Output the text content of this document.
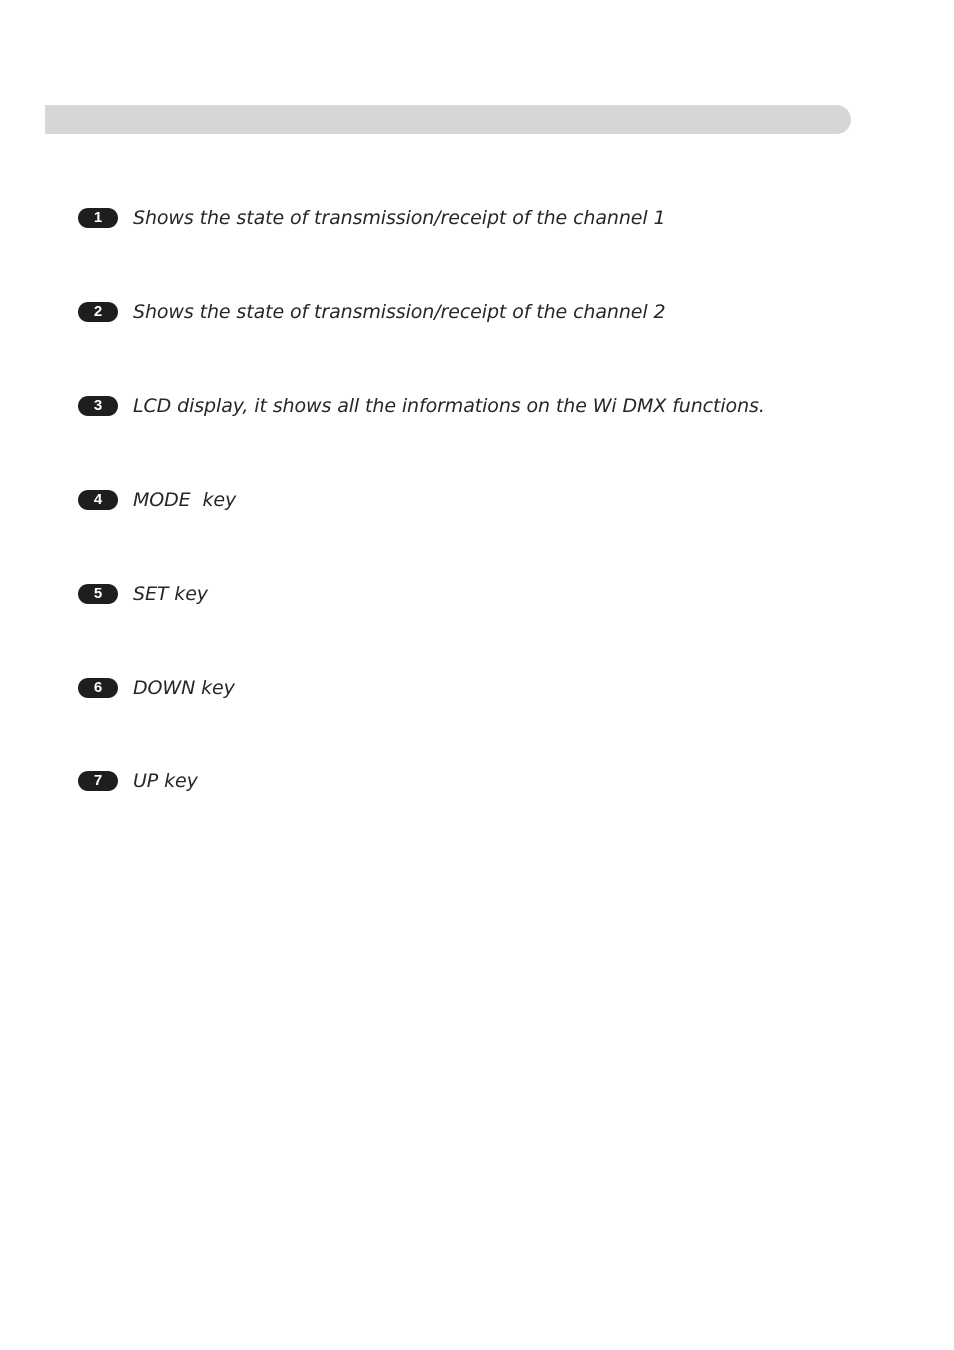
1	Shows the state of transmission/receipt of the channel 1
2	Shows the state of transmission/receipt of the channel 2
3	LCD display, it shows all the informations on the Wi DMX functions.
4	MODE  key
5	SET key
6	DOWN key
7	UP key
